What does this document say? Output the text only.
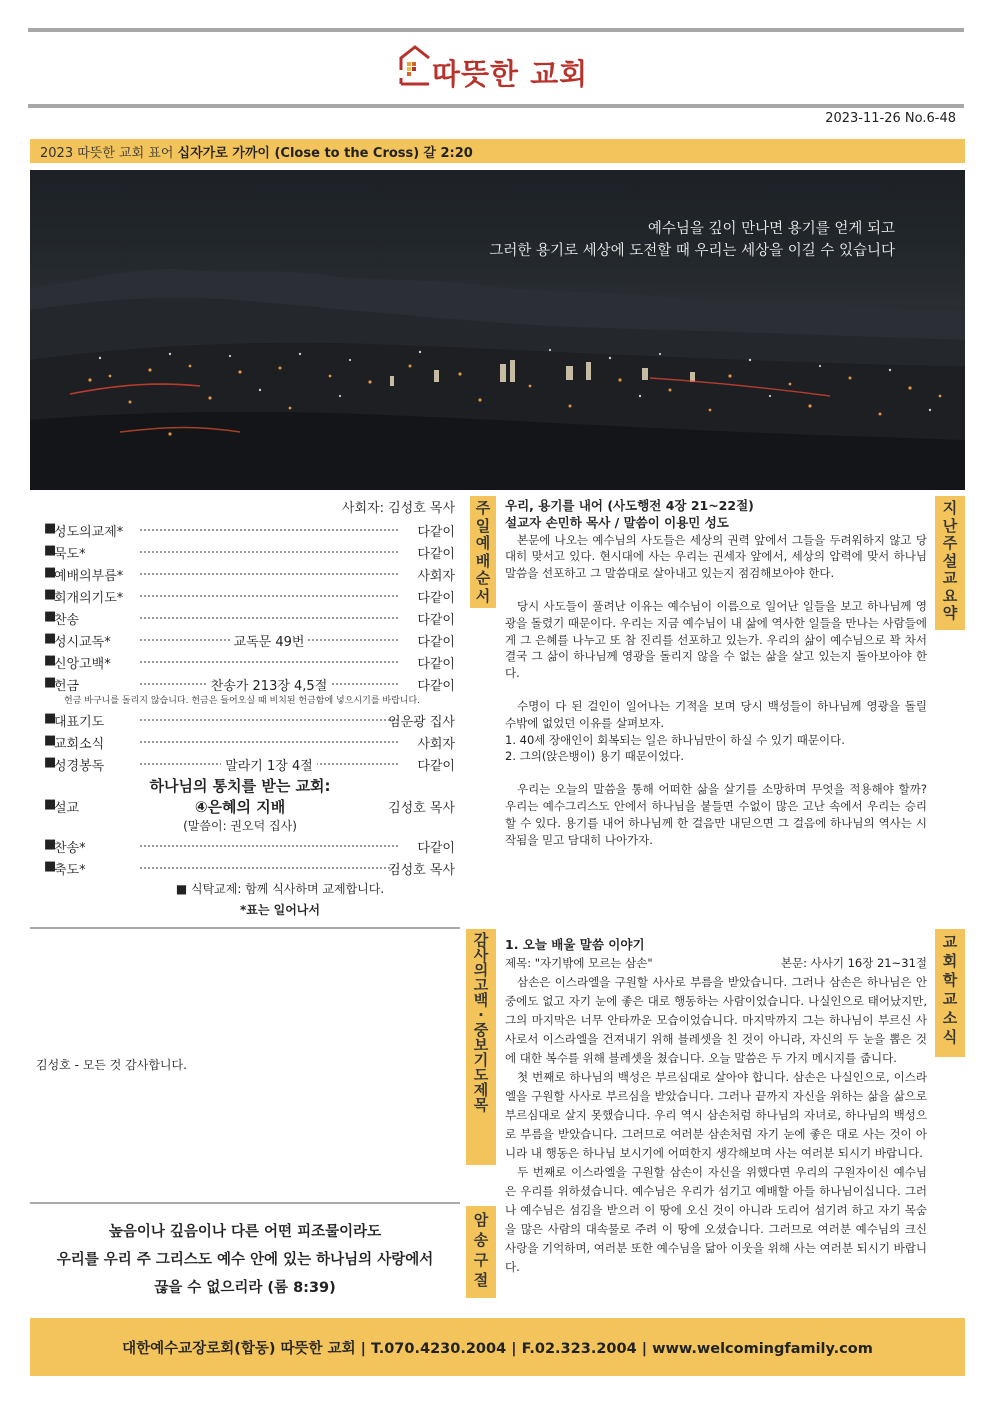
따뜻한 교회
2023-11-26 No.6-48
2023 따뜻한 교회 표어 십자가로 가까이 (Close to the Cross) 갈 2:20
예수님을 깊이 만나면 용기를 얻게 되고
그러한 용기로 세상에 도전할 때 우리는 세상을 이길 수 있습니다
사회자: 김성호 목사
■
성도의교제*	다같이
■
묵도*	다같이
■
예배의부름*	사회자
■
회개의기도*	다같이
■
찬송	다같이
■
성시교독*	교독문 49번	다같이
■
신앙고백*	다같이
■
헌금	찬송가 213장 4,5절	다같이
헌금 바구니를 돌리지 않습니다. 헌금은 들어오실 때 비치된 헌금함에 넣으시기를 바랍니다.
■
대표기도	임운광 집사
■
교회소식	사회자
■
성경봉독	말라기 1장 4절	다같이
하나님의 통치를 받는 교회:
■
설교	김성호 목사
④은혜의 지배
(말씀이: 권오덕 집사)
■
찬송*	다같이
■
축도*	김성호 목사
■ 식탁교제: 함께 식사하며 교제합니다.
*표는 일어나서
주일예배순서
지난주설교요약
감사의 고백 · 중보기도제목
교회학교소식
암송구절
우리, 용기를 내어 (사도행전 4장 21~22절)
설교자 손민하 목사 / 말씀이 이용민 성도

본문에 나오는 예수님의 사도들은 세상의 권력 앞에서 그들을 두려워하지 않고 당대히 맞서고 있다. 현시대에 사는 우리는 권세자 앞에서, 세상의 압력에 맞서 하나님 말씀을 선포하고 그 말씀대로 살아내고 있는지 점검해보아야 한다.

당시 사도들이 풀려난 이유는 예수님이 이름으로 일어난 일들을 보고 하나님께 영광을 돌렸기 때문이다. 우리는 지금 예수님이 내 삶에 역사한 일들을 만나는 사람들에게 그 은혜를 나누고 또 참 진리를 선포하고 있는가. 우리의 삶이 예수님으로 꽉 차서 결국 그 삶이 하나님께 영광을 돌리지 않을 수 없는 삶을 살고 있는지 돌아보아야 한다.

수명이 다 된 걸인이 일어나는 기적을 보며 당시 백성들이 하나님께 영광을 돌릴 수밖에 없었던 이유를 살펴보자.

1. 40세 장애인이 회복되는 일은 하나님만이 하실 수 있기 때문이다.
2. 그의(앉은뱅이) 용기 때문이었다.

우리는 오늘의 말씀을 통해 어떠한 삶을 살기를 소망하며 무엇을 적용해야 할까? 우리는 예수그리스도 안에서 하나님을 붙들면 수없이 많은 고난 속에서 우리는 승리할 수 있다. 용기를 내어 하나님께 한 걸음만 내딛으면 그 걸음에 하나님의 역사는 시작됨을 믿고 담대히 나아가자.

김성호 - 모든 것 감사합니다.
1. 오늘 배울 말씀 이야기
제목: "자기밖에 모르는 삼손"	본문: 사사기 16장 21~31절

삼손은 이스라엘을 구원할 사사로 부름을 받았습니다. 그러나 삼손은 하나님은 안중에도 없고 자기 눈에 좋은 대로 행동하는 사람이었습니다. 나실인으로 태어났지만, 그의 마지막은 너무 안타까운 모습이었습니다. 마지막까지 그는 하나님이 부르신 사사로서 이스라엘을 건져내기 위해 블레셋을 친 것이 아니라, 자신의 두 눈을 뽑은 것에 대한 복수를 위해 블레셋을 쳤습니다. 오늘 말씀은 두 가지 메시지를 줍니다.

첫 번째로 하나님의 백성은 부르심대로 살아야 합니다. 삼손은 나실인으로, 이스라엘을 구원할 사사로 부르심을 받았습니다. 그러나 끝까지 자신을 위하는 삶을 삶으로 부르심대로 살지 못했습니다. 우리 역시 삼손처럼 하나님의 자녀로, 하나님의 백성으로 부름을 받았습니다. 그러므로 여러분 삼손처럼 자기 눈에 좋은 대로 사는 것이 아니라 내 행동은 하나님 보시기에 어떠한지 생각해보며 사는 여러분 되시기 바랍니다.

두 번째로 이스라엘을 구원할 삼손이 자신을 위했다면 우리의 구원자이신 예수님은 우리를 위하셨습니다. 예수님은 우리가 섬기고 예배할 아들 하나님이십니다. 그러나 예수님은 섬김을 받으러 이 땅에 오신 것이 아니라 도리어 섬기려 하고 자기 목숨을 많은 사람의 대속물로 주려 이 땅에 오셨습니다. 그러므로 여러분 예수님의 크신 사랑을 기억하며, 여러분 또한 예수님을 닮아 이웃을 위해 사는 여러분 되시기 바랍니다.

높음이나 깊음이나 다른 어떤 피조물이라도
우리를 우리 주 그리스도 예수 안에 있는 하나님의 사랑에서
끊을 수 없으리라 (롬 8:39)
대한예수교장로회(합동) 따뜻한 교회 | T.070.4230.2004 | F.02.323.2004 | www.welcomingfamily.com
